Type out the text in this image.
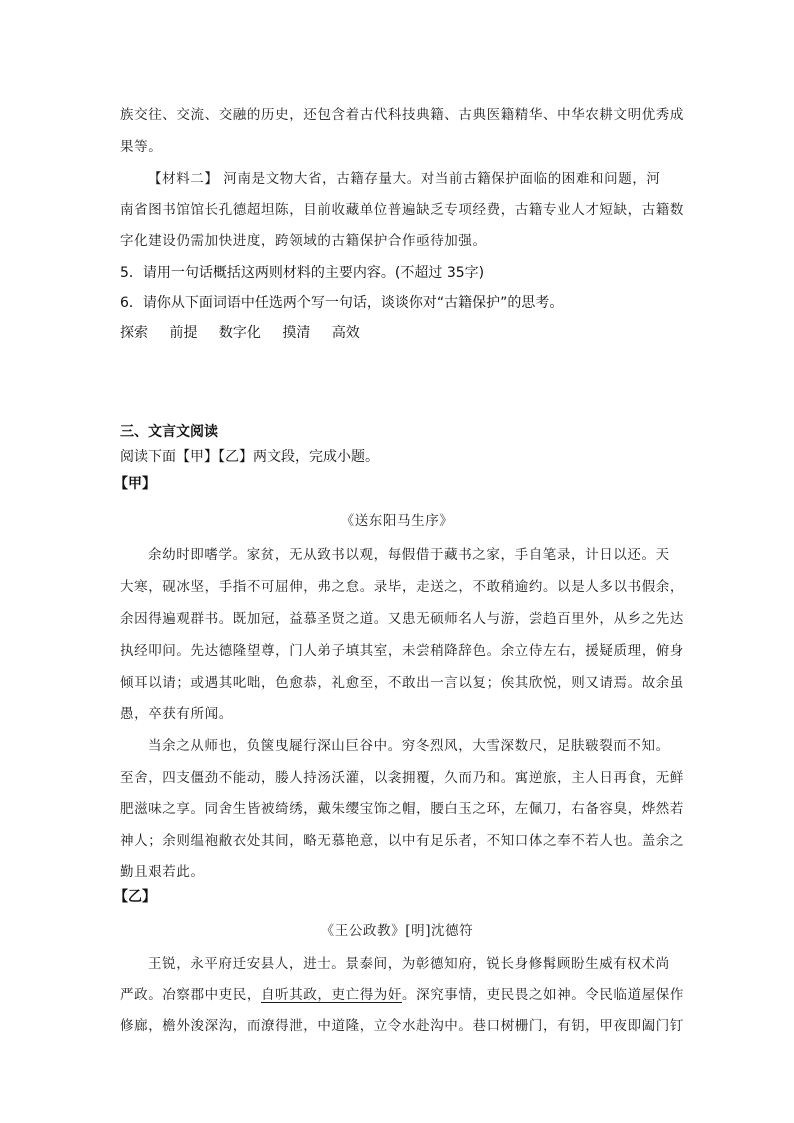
族交往、交流、交融的历史，还包含着古代科技典籍、古典医籍精华、中华农耕文明优秀成
果等。
【材料二】 河南是文物大省，古籍存量大。对当前古籍保护面临的困难和问题，河
南省图书馆馆长孔德超坦陈，目前收藏单位普遍缺乏专项经费，古籍专业人才短缺，古籍数
字化建设仍需加快进度，跨领域的古籍保护合作亟待加强。
5．请用一句话概括这两则材料的主要内容。(不超过 35字)
6．请你从下面词语中任选两个写一句话，谈谈你对“古籍保护”的思考。
探索 前提 数字化 摸清 高效
三、文言文阅读
阅读下面【甲】【乙】两文段，完成小题。
【甲】
《送东阳马生序》
余幼时即嗜学。家贫，无从致书以观，每假借于藏书之家，手自笔录，计日以还。天
大寒，砚冰坚，手指不可屈伸，弗之怠。录毕，走送之，不敢稍逾约。以是人多以书假余，
余因得遍观群书。既加冠，益慕圣贤之道。又患无硕师名人与游，尝趋百里外，从乡之先达
执经叩问。先达德隆望尊，门人弟子填其室，未尝稍降辞色。余立侍左右，援疑质理，俯身
倾耳以请；或遇其叱咄，色愈恭，礼愈至，不敢出一言以复；俟其欣悦，则又请焉。故余虽
愚，卒获有所闻。
当余之从师也，负箧曳屣行深山巨谷中。穷冬烈风，大雪深数尺，足肤皲裂而不知。
至舍，四支僵劲不能动，媵人持汤沃灌，以衾拥覆，久而乃和。寓逆旅，主人日再食，无鲜
肥滋味之享。同舍生皆被绮绣，戴朱缨宝饰之帽，腰白玉之环，左佩刀，右备容臭，烨然若
神人；余则缊袍敝衣处其间，略无慕艳意，以中有足乐者，不知口体之奉不若人也。盖余之
勤且艰若此。
【乙】
《王公政教》[明]沈德符
王锐，永平府迁安县人，进士。景泰间，为彰德知府，锐长身修髯顾盼生威有权术尚
严政。冶察郡中吏民，自听其政，吏亡得为奸。深究事情，吏民畏之如神。令民临道屋保作
修廊，檐外浚深沟，而潦得泄，中道隆，立令水赴沟中。巷口树栅门，有钥，甲夜即阖门钉
